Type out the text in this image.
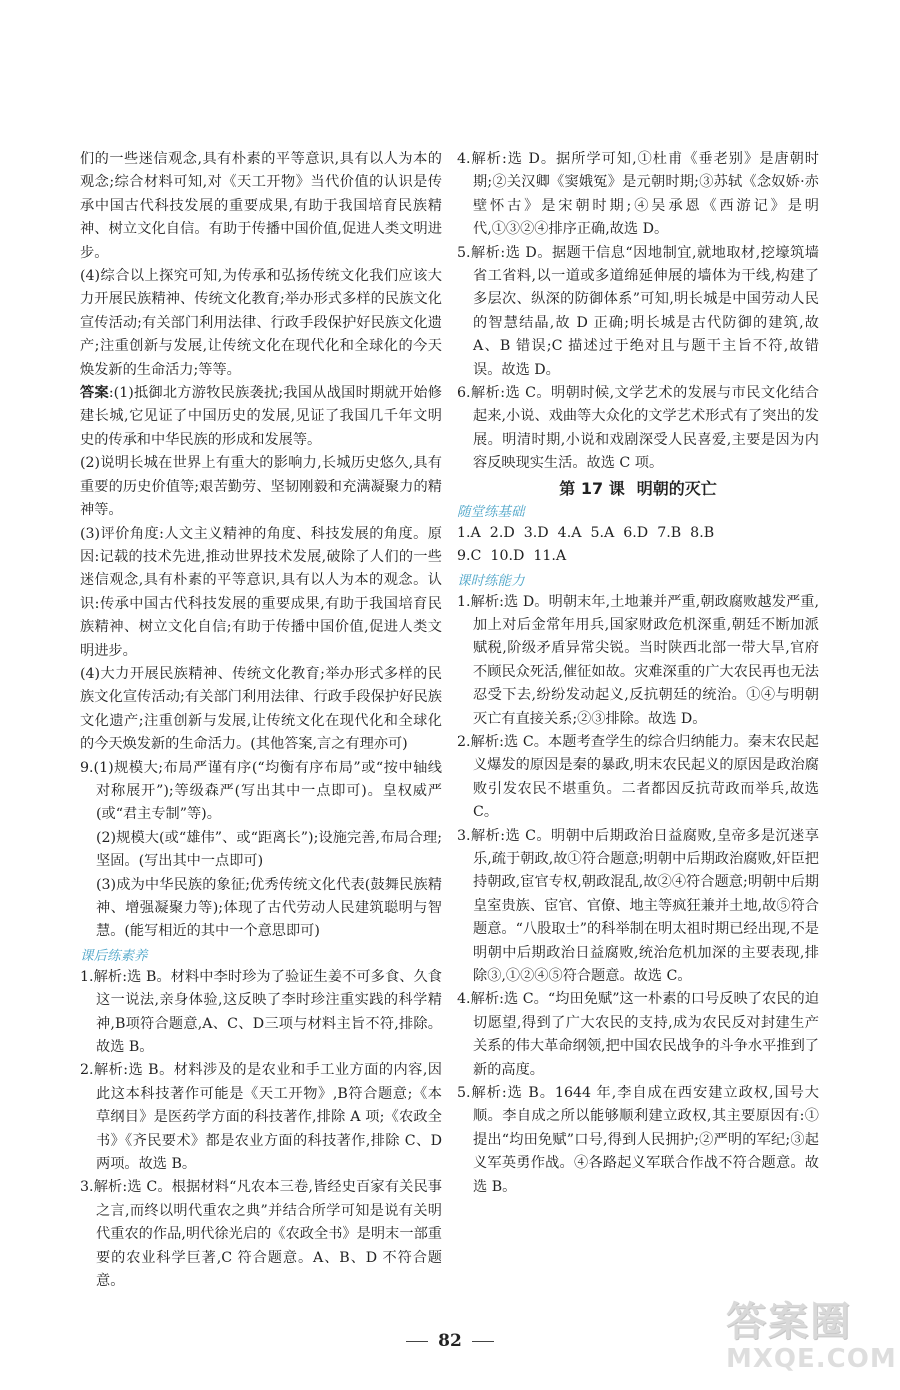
们的一些迷信观念,具有朴素的平等意识,具有以人为本的观念;综合材料可知,对《天工开物》当代价值的认识是传承中国古代科技发展的重要成果,有助于我国培育民族精神、树立文化自信。有助于传播中国价值,促进人类文明进步。

(4)综合以上探究可知,为传承和弘扬传统文化我们应该大力开展民族精神、传统文化教育;举办形式多样的民族文化宣传活动;有关部门利用法律、行政手段保护好民族文化遗产;注重创新与发展,让传统文化在现代化和全球化的今天焕发新的生命活力;等等。

答案:(1)抵御北方游牧民族袭扰;我国从战国时期就开始修建长城,它见证了中国历史的发展,见证了我国几千年文明史的传承和中华民族的形成和发展等。

(2)说明长城在世界上有重大的影响力,长城历史悠久,具有重要的历史价值等;艰苦勤劳、坚韧刚毅和充满凝聚力的精神等。

(3)评价角度:人文主义精神的角度、科技发展的角度。原因:记载的技术先进,推动世界技术发展,破除了人们的一些迷信观念,具有朴素的平等意识,具有以人为本的观念。认识:传承中国古代科技发展的重要成果,有助于我国培育民族精神、树立文化自信;有助于传播中国价值,促进人类文明进步。

(4)大力开展民族精神、传统文化教育;举办形式多样的民族文化宣传活动;有关部门利用法律、行政手段保护好民族文化遗产;注重创新与发展,让传统文化在现代化和全球化的今天焕发新的生命活力。(其他答案,言之有理亦可)

9.(1)规模大;布局严谨有序(“均衡有序布局”或“按中轴线对称展开”);等级森严(写出其中一点即可)。皇权威严(或“君主专制”等)。

(2)规模大(或“雄伟”、或“距离长”);设施完善,布局合理;坚固。(写出其中一点即可)

(3)成为中华民族的象征;优秀传统文化代表(鼓舞民族精神、增强凝聚力等);体现了古代劳动人民建筑聪明与智慧。(能写相近的其中一个意思即可)

课后练素养

1.解析:选 B。材料中李时珍为了验证生姜不可多食、久食这一说法,亲身体验,这反映了李时珍注重实践的科学精神,B项符合题意,A、C、D三项与材料主旨不符,排除。故选 B。

2.解析:选 B。材料涉及的是农业和手工业方面的内容,因此这本科技著作可能是《天工开物》,B符合题意;《本草纲目》是医药学方面的科技著作,排除 A 项;《农政全书》《齐民要术》都是农业方面的科技著作,排除 C、D 两项。故选 B。

3.解析:选 C。根据材料“凡农本三卷,皆经史百家有关民事之言,而终以明代重农之典”并结合所学可知是说有关明代重农的作品,明代徐光启的《农政全书》是明末一部重要的农业科学巨著,C 符合题意。A、B、D 不符合题意。

4.解析:选 D。据所学可知,①杜甫《垂老别》是唐朝时期;②关汉卿《窦娥冤》是元朝时期;③苏轼《念奴娇·赤壁怀古》是宋朝时期;④吴承恩《西游记》是明代,①③②④排序正确,故选 D。

5.解析:选 D。据题干信息“因地制宜,就地取材,挖壕筑墙省工省料,以一道或多道绵延伸展的墙体为干线,构建了多层次、纵深的防御体系”可知,明长城是中国劳动人民的智慧结晶,故 D 正确;明长城是古代防御的建筑,故 A、B 错误;C 描述过于绝对且与题干主旨不符,故错误。故选 D。

6.解析:选 C。明朝时候,文学艺术的发展与市民文化结合起来,小说、戏曲等大众化的文学艺术形式有了突出的发展。明清时期,小说和戏剧深受人民喜爱,主要是因为内容反映现实生活。故选 C 项。

第 17 课 明朝的灭亡
随堂练基础

1.A  2.D  3.D  4.A  5.A  6.D  7.B  8.B

9.C  10.D  11.A

课时练能力

1.解析:选 D。明朝末年,土地兼并严重,朝政腐败越发严重,加上对后金常年用兵,国家财政危机深重,朝廷不断加派赋税,阶级矛盾异常尖锐。当时陕西北部一带大旱,官府不顾民众死活,催征如故。灾难深重的广大农民再也无法忍受下去,纷纷发动起义,反抗朝廷的统治。①④与明朝灭亡有直接关系;②③排除。故选 D。

2.解析:选 C。本题考查学生的综合归纳能力。秦末农民起义爆发的原因是秦的暴政,明末农民起义的原因是政治腐败引发农民不堪重负。二者都因反抗苛政而举兵,故选 C。

3.解析:选 C。明朝中后期政治日益腐败,皇帝多是沉迷享乐,疏于朝政,故①符合题意;明朝中后期政治腐败,奸臣把持朝政,宦官专权,朝政混乱,故②④符合题意;明朝中后期皇室贵族、宦官、官僚、地主等疯狂兼并土地,故⑤符合题意。“八股取士”的科举制在明太祖时期已经出现,不是明朝中后期政治日益腐败,统治危机加深的主要表现,排除③,①②④⑤符合题意。故选 C。

4.解析:选 C。“均田免赋”这一朴素的口号反映了农民的迫切愿望,得到了广大农民的支持,成为农民反对封建生产关系的伟大革命纲领,把中国农民战争的斗争水平推到了新的高度。

5.解析:选 B。1644 年,李自成在西安建立政权,国号大顺。李自成之所以能够顺利建立政权,其主要原因有:①提出“均田免赋”口号,得到人民拥护;②严明的军纪;③起义军英勇作战。④各路起义军联合作战不符合题意。故选 B。

82	答案圈
MXQE.COM
